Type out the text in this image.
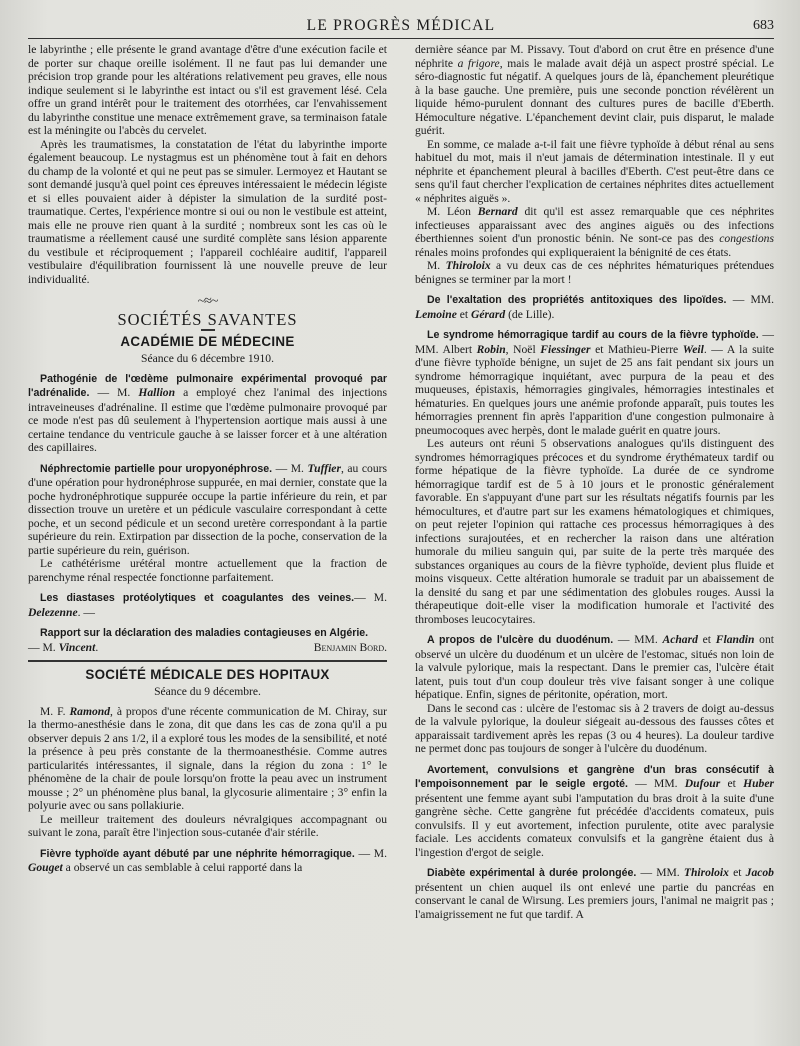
LE PROGRÈS MÉDICAL	683

le labyrinthe ; elle présente le grand avantage d'être d'une exécution facile et de porter sur chaque oreille isolément. Il ne faut pas lui demander une précision trop grande pour les altérations relativement peu graves, elle nous indique seulement si le labyrinthe est intact ou s'il est gravement lésé. Cela offre un grand intérêt pour le traitement des otorrhées, car l'envahissement du labyrinthe constitue une menace extrêmement grave, sa terminaison fatale est la méningite ou l'abcès du cervelet.

Après les traumatismes, la constatation de l'état du labyrinthe importe également beaucoup. Le nystagmus est un phénomène tout à fait en dehors du champ de la volonté et qui ne peut pas se simuler. Lermoyez et Hautant se sont demandé jusqu'à quel point ces épreuves intéressaient le médecin légiste et si elles pouvaient aider à dépister la simulation de la surdité post-traumatique. Certes, l'expérience montre si oui ou non le vestibule est atteint, mais elle ne prouve rien quant à la surdité ; nombreux sont les cas où le traumatisme a réellement causé une surdité complète sans lésion apparente du vestibule et réciproquement ; l'appareil cochléaire auditif, l'appareil vestibulaire d'équilibration fournissent là une nouvelle preuve de leur individualité.

~≈~
SOCIÉTÉS SAVANTES
ACADÉMIE DE MÉDECINE
Séance du 6 décembre 1910.

Pathogénie de l'œdème pulmonaire expérimental provoqué par l'adrénalide. — M. Hallion a employé chez l'animal des injections intraveineuses d'adrénaline. Il estime que l'œdème pulmonaire provoqué par ce mode n'est pas dû seulement à l'hypertension aortique mais aussi à une certaine tendance du ventricule gauche à se laisser forcer et à une altération des capillaires.

Néphrectomie partielle pour uropyonéphrose. — M. Tuffier, au cours d'une opération pour hydronéphrose suppurée, en mai dernier, constate que la poche hydronéphrotique suppurée occupe la partie inférieure du rein, et par dissection trouve un uretère et un pédicule vasculaire correspondant à cette poche, et un second pédicule et un second uretère correspondant à la partie supérieure du rein. Extirpation par dissection de la poche, conservation de la partie supérieure du rein, guérison.

Le cathétérisme urétéral montre actuellement que la fraction de parenchyme rénal respectée fonctionne parfaitement.

Les diastases protéolytiques et coagulantes des veines.— M. Delezenne. —

Rapport sur la déclaration des maladies contagieuses en Algérie.

— M. Vincent.	Benjamin Bord.
SOCIÉTÉ MÉDICALE DES HOPITAUX
Séance du 9 décembre.

M. F. Ramond, à propos d'une récente communication de M. Chiray, sur la thermo-anesthésie dans le zona, dit que dans les cas de zona qu'il a pu observer depuis 2 ans 1/2, il a exploré tous les modes de la sensibilité, et noté la présence à peu près constante de la thermoanesthésie. Comme autres particularités intéressantes, il signale, dans la région du zona : 1° le phénomène de la chair de poule lorsqu'on frotte la peau avec un instrument mousse ; 2° un phénomène plus banal, la glycosurie alimentaire ; 3° enfin la polyurie avec ou sans pollakiurie.

Le meilleur traitement des douleurs névralgiques accompagnant ou suivant le zona, paraît être l'injection sous-cutanée d'air stérile.

Fièvre typhoïde ayant débuté par une néphrite hémorragique. — M. Gouget a observé un cas semblable à celui rapporté dans la

dernière séance par M. Pissavy. Tout d'abord on crut être en présence d'une néphrite a frigore, mais le malade avait déjà un aspect prostré spécial. Le séro-diagnostic fut négatif. A quelques jours de là, épanchement pleurétique à la base gauche. Une première, puis une seconde ponction révélèrent un liquide hémo-purulent donnant des cultures pures de bacille d'Eberth. Hémoculture négative. L'épanchement devint clair, puis disparut, le malade guérit.

En somme, ce malade a-t-il fait une fièvre typhoïde à début rénal au sens habituel du mot, mais il n'eut jamais de détermination intestinale. Il y eut néphrite et épanchement pleural à bacilles d'Eberth. C'est peut-être dans ce sens qu'il faut chercher l'explication de certaines néphrites dites actuellement « néphrites aiguës ».

M. Léon Bernard dit qu'il est assez remarquable que ces néphrites infectieuses apparaissant avec des angines aiguës ou des infections éberthiennes soient d'un pronostic bénin. Ne sont-ce pas des congestions rénales moins profondes qui expliqueraient la bénignité de ces états.

M. Thiroloix a vu deux cas de ces néphrites hématuriques prétendues bénignes se terminer par la mort !

De l'exaltation des propriétés antitoxiques des lipoïdes. — MM. Lemoine et Gérard (de Lille).

Le syndrome hémorragique tardif au cours de la fièvre typhoïde. — MM. Albert Robin, Noël Fiessinger et Mathieu-Pierre Weil. — A la suite d'une fièvre typhoïde bénigne, un sujet de 25 ans fait pendant six jours un syndrome hémorragique inquiétant, avec purpura de la peau et des muqueuses, épistaxis, hémorragies gingivales, hémorragies intestinales et hématuries. En quelques jours une anémie profonde apparaît, puis toutes les hémorragies prennent fin après l'apparition d'une congestion pulmonaire à pneumocoques avec herpès, dont le malade guérit en quatre jours.

Les auteurs ont réuni 5 observations analogues qu'ils distinguent des syndromes hémorragiques précoces et du syndrome érythémateux tardif ou forme hépatique de la fièvre typhoïde. La durée de ce syndrome hémorragique tardif est de 5 à 10 jours et le pronostic généralement favorable. En s'appuyant d'une part sur les résultats négatifs fournis par les hémocultures, et d'autre part sur les examens hématologiques et chimiques, on peut rejeter l'opinion qui rattache ces processus hémorragiques à des infections surajoutées, et en rechercher la raison dans une altération humorale du milieu sanguin qui, par suite de la perte très marquée des substances organiques au cours de la fièvre typhoïde, devient plus fluide et moins visqueux. Cette altération humorale se traduit par un abaissement de la densité du sang et par une sédimentation des globules rouges. Aussi la thérapeutique doit-elle viser la modification humorale et l'activité des thromboses leucocytaires.

A propos de l'ulcère du duodénum. — MM. Achard et Flandin ont observé un ulcère du duodénum et un ulcère de l'estomac, situés non loin de la valvule pylorique, mais la respectant. Dans le premier cas, l'ulcère était latent, puis tout d'un coup douleur très vive faisant songer à une colique hépatique. Enfin, signes de péritonite, opération, mort.

Dans le second cas : ulcère de l'estomac sis à 2 travers de doigt au-dessus de la valvule pylorique, la douleur siégeait au-dessous des fausses côtes et apparaissait tardivement après les repas (3 ou 4 heures). La douleur tardive ne permet donc pas toujours de songer à l'ulcère du duodénum.

Avortement, convulsions et gangrène d'un bras consécutif à l'empoisonnement par le seigle ergoté. — MM. Dufour et Huber présentent une femme ayant subi l'amputation du bras droit à la suite d'une gangrène sèche. Cette gangrène fut précédée d'accidents comateux, puis convulsifs. Il y eut avortement, infection purulente, otite avec paralysie faciale. Les accidents comateux convulsifs et la gangrène étaient dus à l'ingestion d'ergot de seigle.

Diabète expérimental à durée prolongée. — MM. Thiroloix et Jacob présentent un chien auquel ils ont enlevé une partie du pancréas en conservant le canal de Wirsung. Les premiers jours, l'animal ne maigrit pas ; l'amaigrissement ne fut que tardif. A
